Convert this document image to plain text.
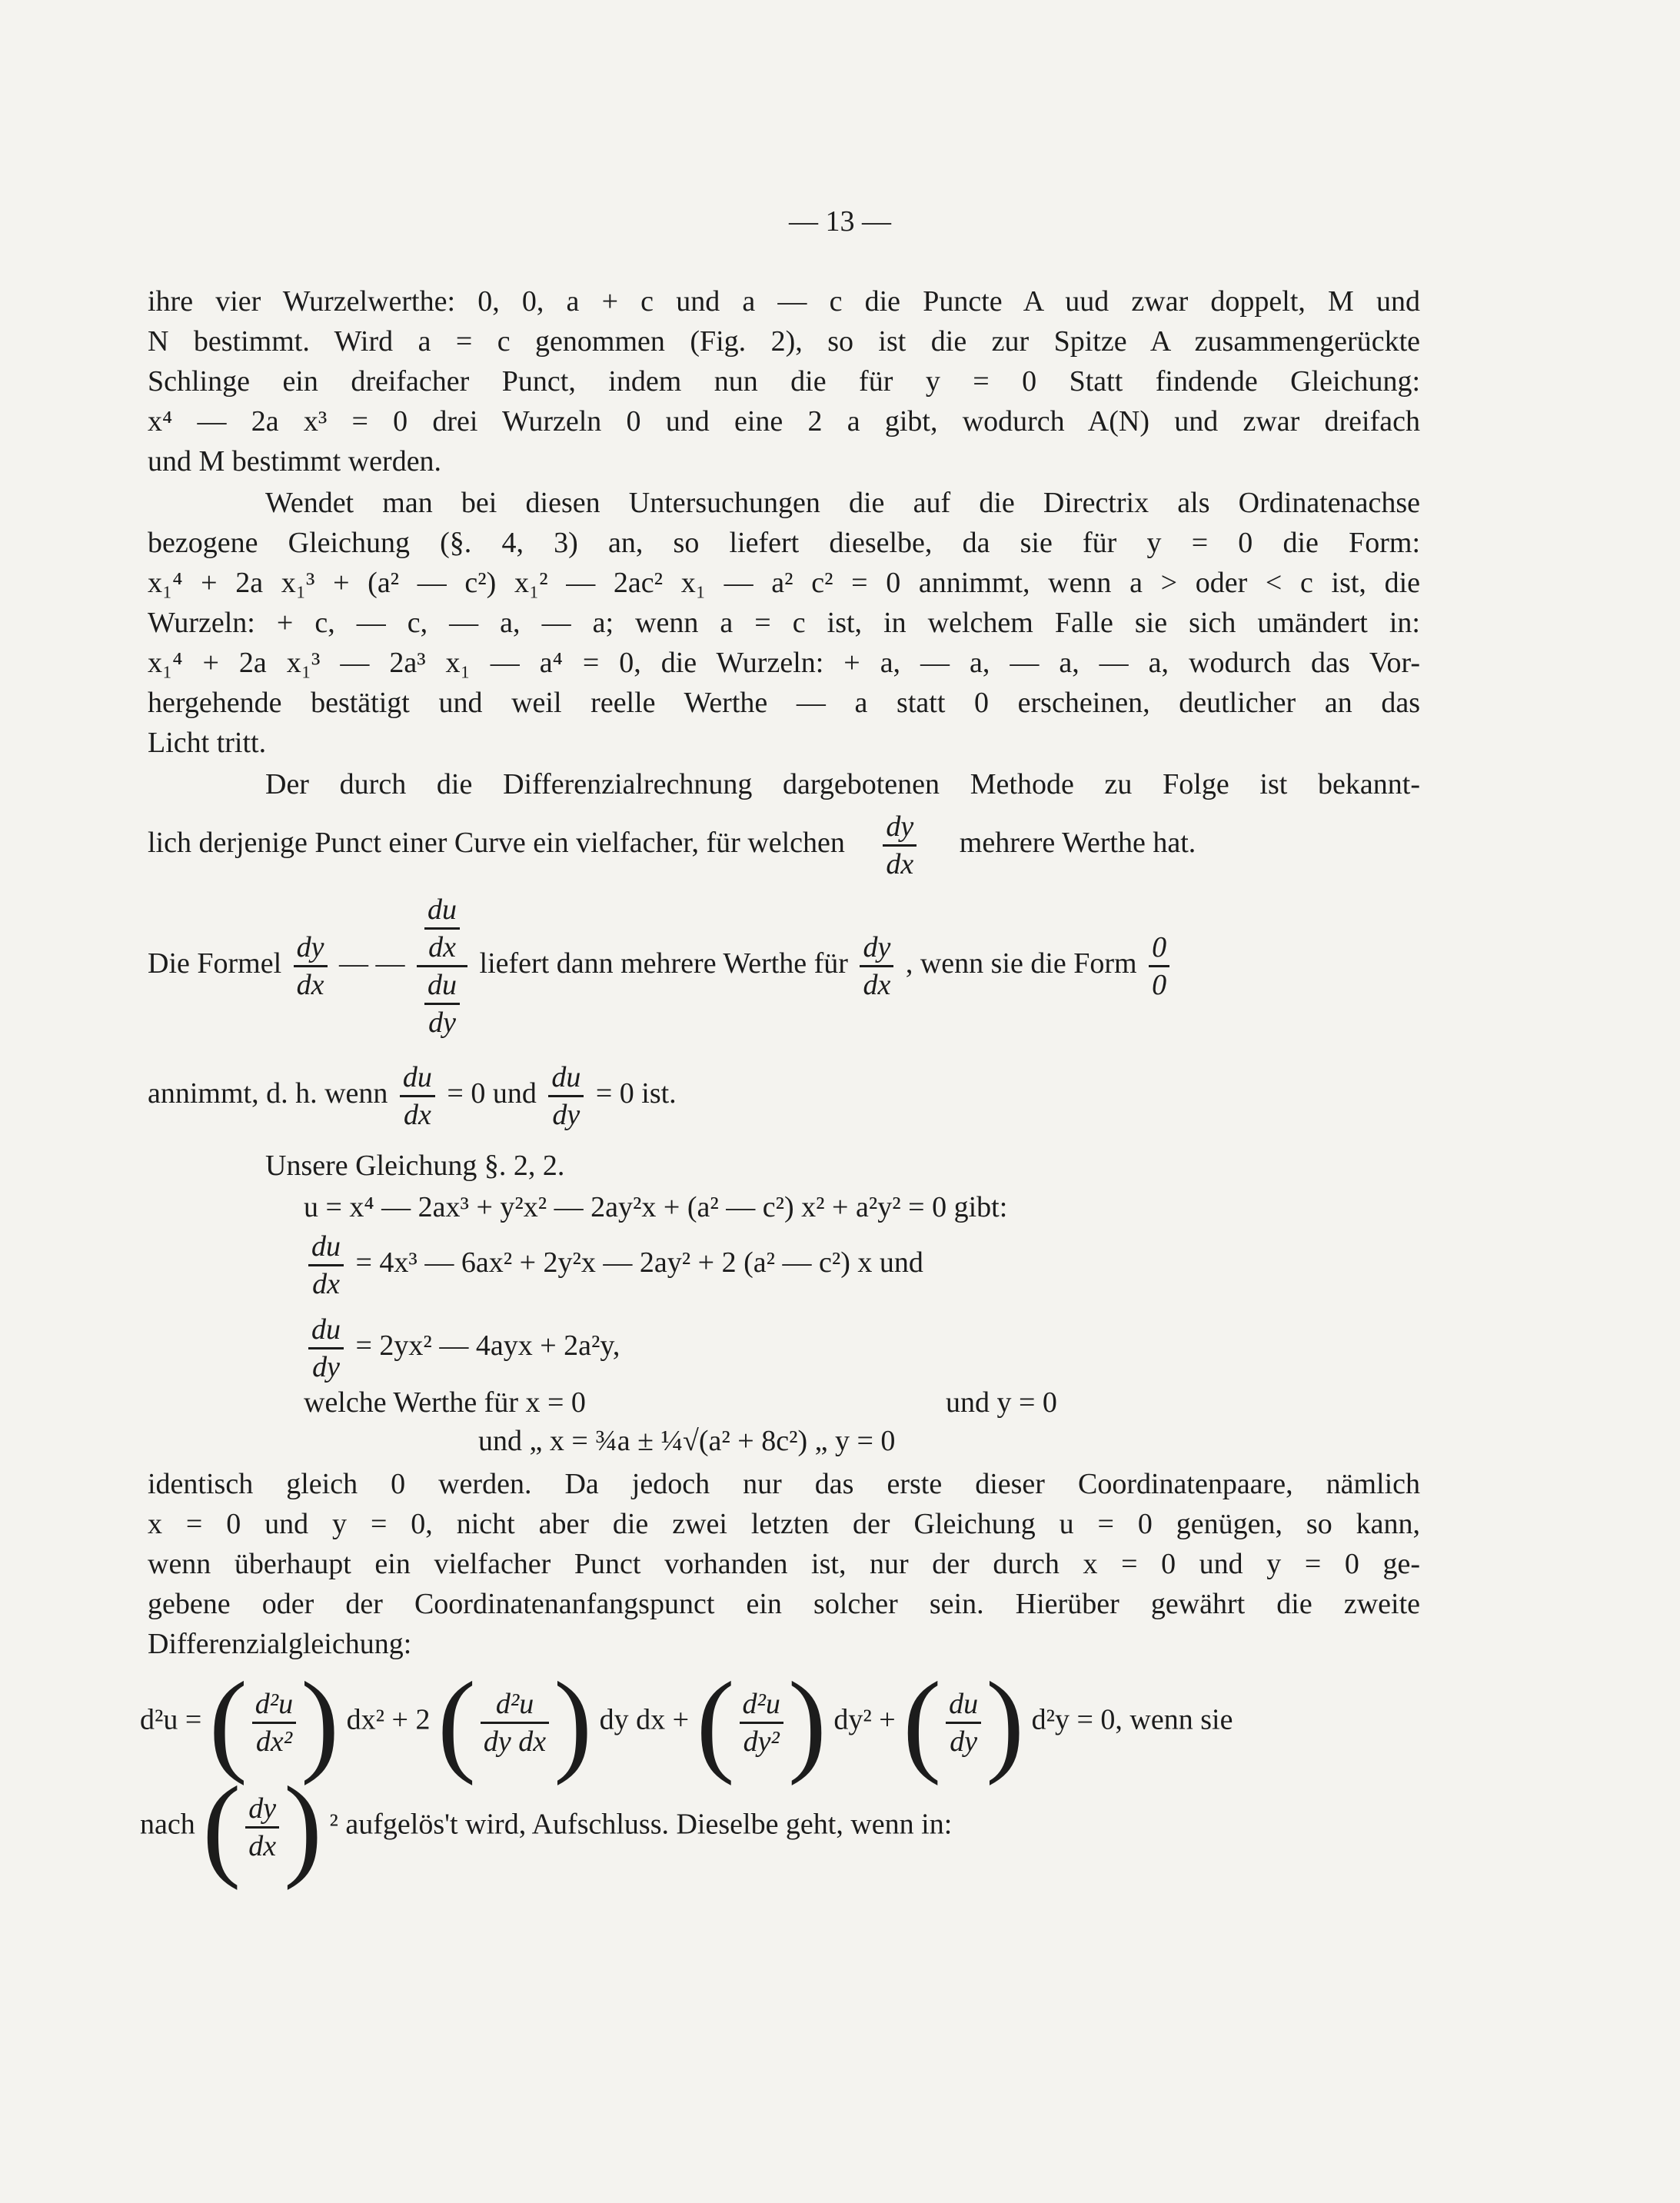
— 13 —
ihre vier Wurzelwerthe: 0, 0, a + c und a — c die Puncte A uud zwar doppelt, M und
N bestimmt. Wird a = c genommen (Fig. 2), so ist die zur Spitze A zusammengerückte
Schlinge ein dreifacher Punct, indem nun die für y = 0 Statt findende Gleichung:
x⁴ — 2a x³ = 0 drei Wurzeln 0 und eine 2 a gibt, wodurch A(N) und zwar dreifach
und M bestimmt werden.
Wendet man bei diesen Untersuchungen die auf die Directrix als Ordinatenachse
bezogene Gleichung (§. 4, 3) an, so liefert dieselbe, da sie für y = 0 die Form:
x₁⁴ + 2a x₁³ + (a² — c²) x₁² — 2ac² x₁ — a² c² = 0 annimmt, wenn a > oder < c ist, die
Wurzeln: + c, — c, — a, — a; wenn a = c ist, in welchem Falle sie sich umändert in:
x₁⁴ + 2a x₁³ — 2a³ x₁ — a⁴ = 0, die Wurzeln: + a, — a, — a, — a, wodurch das Vor-
hergehende bestätigt und weil reelle Werthe — a statt 0 erscheinen, deutlicher an das
Licht tritt.
Der durch die Differenzialrechnung dargebotenen Methode zu Folge ist bekannt-
lich derjenige Punct einer Curve ein vielfacher, für welchen $\frac{dy}{dx}$ mehrere Werthe hat.
Die Formel $\frac{dy}{dx}$ — — $\frac{\frac{du}{dx}}{\frac{du}{dy}}$ liefert dann mehrere Werthe für $\frac{dy}{dx}$ , wenn sie die Form $\frac{0}{0}$
annimmt, d. h. wenn $\frac{du}{dx} = 0$ und $\frac{du}{dy} = 0$ ist.
Unsere Gleichung §. 2, 2.
u = x⁴ — 2ax³ + y²x² — 2ay²x + (a² — c²) x² + a²y² = 0 gibt:
$\frac{du}{dx} = 4x^3$ — 6ax² + 2y²x — 2ay² + 2 (a² — c²) x und
$\frac{du}{dy} = 2yx^2$ — 4ayx + 2a²y,
welche Werthe für x = 0	und y = 0
und „ x = ¾a ± ¼√(a² + 8c²) „ y = 0
identisch gleich 0 werden. Da jedoch nur das erste dieser Coordinatenpaare, nämlich
x = 0 und y = 0, nicht aber die zwei letzten der Gleichung u = 0 genügen, so kann,
wenn überhaupt ein vielfacher Punct vorhanden ist, nur der durch x = 0 und y = 0 ge-
gebene oder der Coordinatenanfangspunct ein solcher sein. Hierüber gewährt die zweite
Differenzialgleichung:
d²u = ( $\frac{\text{d²u}}{\text{dx²}}$ ) dx² + 2 ( $\frac{\text{d²u}}{\text{dy dx}}$ ) dy dx + ( $\frac{\text{d²u}}{\text{dy²}}$ ) dy² + ( $\frac{du}{dy}$ ) d²y = 0, wenn sie
nach ( $\frac{dy}{dx}$ ) ² aufgelös't wird, Aufschluss. Dieselbe geht, wenn in:
